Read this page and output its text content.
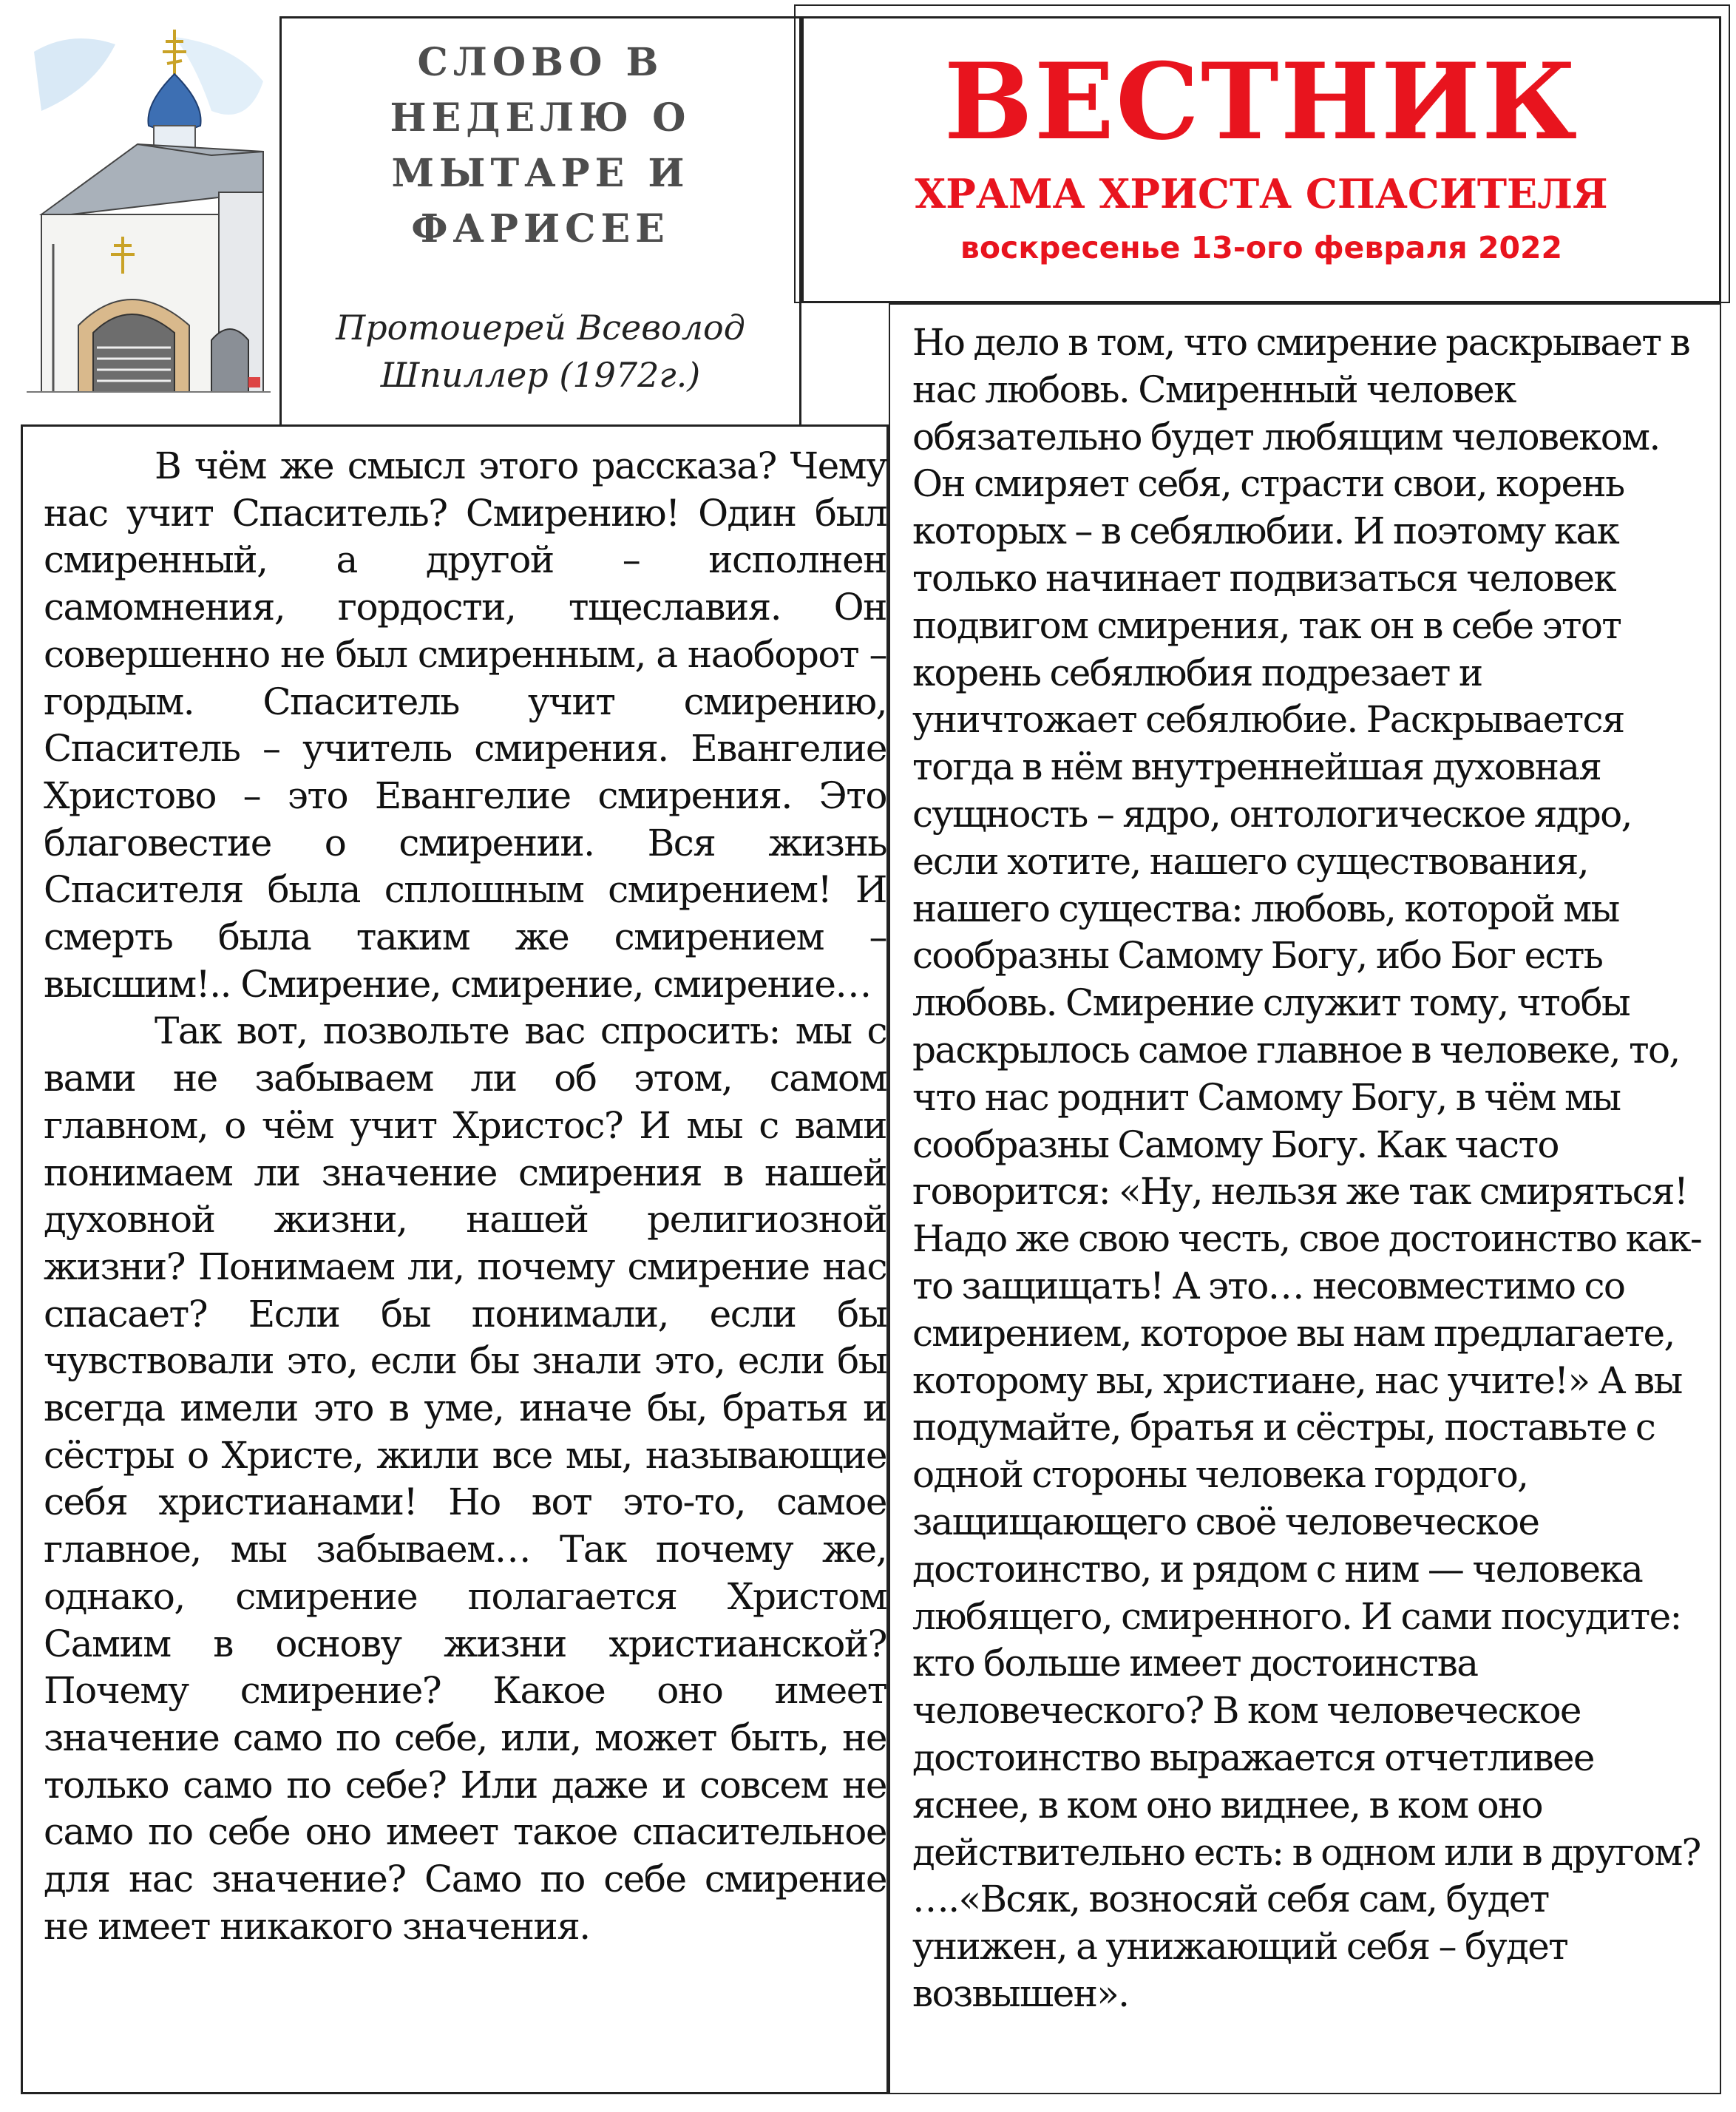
СЛОВО В
НЕДЕЛЮ О
МЫТАРЕ И
ФАРИСЕЕ
Протоиерей Всеволод
Шпиллер (1972г.)
ВЕСТНИК
ХРАМА ХРИСТА СПАСИТЕЛЯ
воскресенье 13-ого февраля 2022

В чём же смысл этого рассказа? Чему нас учит Спаситель? Смирению! Один был смиренный, а другой – исполнен самомнения, гордости, тщеславия. Он совершенно не был смиренным, а наоборот – гордым. Спаситель учит смирению, Спаситель – учитель смирения. Евангелие Христово – это Евангелие смирения. Это благовестие о смирении. Вся жизнь Спасителя была сплошным смирением! И смерть была таким же смирением – высшим!.. Смирение, смирение, смирение…

Так вот, позвольте вас спросить: мы с вами не забываем ли об этом, самом главном, о чём учит Христос? И мы с вами понимаем ли значение смирения в нашей духовной жизни, нашей религиозной жизни? Понимаем ли, почему смирение нас спасает? Если бы понимали, если бы чувствовали это, если бы знали это, если бы всегда имели это в уме, иначе бы, братья и сёстры о Христе, жили все мы, называющие себя христианами! Но вот это-то, самое главное, мы забываем… Так почему же, однако, смирение полагается Христом Самим в основу жизни христианской? Почему смирение? Какое оно имеет значение само по себе, или, может быть, не только само по себе? Или даже и совсем не само по себе оно имеет такое спасительное для нас значение? Само по себе смирение не имеет никакого значения.

Но дело в том, что смирение раскрывает в нас любовь. Смиренный человек обязательно будет любящим человеком. Он смиряет себя, страсти свои, корень которых – в себялюбии. И поэтому как только начинает подвизаться человек подвигом смирения, так он в себе этот корень себялюбия подрезает и уничтожает себялюбие. Раскрывается тогда в нём внутреннейшая духовная сущность – ядро, онтологическое ядро, если хотите, нашего существования, нашего существа: любовь, которой мы сообразны Самому Богу, ибо Бог есть любовь. Смирение служит тому, чтобы раскрылось самое главное в человеке, то, что нас роднит Самому Богу, в чём мы сообразны Самому Богу. Как часто говорится: «Ну, нельзя же так смиряться! Надо же свою честь, свое достоинство как-то защищать! А это… несовместимо со смирением, которое вы нам предлагаете, которому вы, христиане, нас учите!» А вы подумайте, братья и сёстры, поставьте с одной стороны человека гордого, защищающего своё человеческое достоинство, и рядом с ним — человека любящего, смиренного. И сами посудите: кто больше имеет достоинства человеческого? В ком человеческое достоинство выражается отчетливее яснее, в ком оно виднее, в ком оно действительно есть: в одном или в другом? ….«Всяк, возносяй себя сам, будет унижен, а унижающий себя – будет возвышен».
